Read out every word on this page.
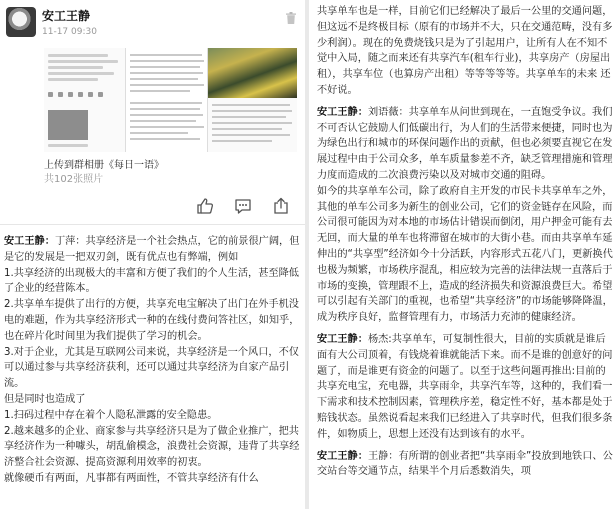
安工王静
11-17 09:30
上传到群相册《每日一语》
共102张照片

安工王静：丁萍：共享经济是一个社会热点，它的前景很广阔，但是它的发展是一把双刃剑，既有优点也有弊端，例如

1.共享经济的出现极大的丰富和方便了我们的个人生活，甚至降低了企业的经营陈本。

2.共享单车提供了出行的方便，共享充电宝解决了出门在外手机没电的难题，作为共享经济形式一种的在线付费问答社区，如知乎，也在碎片化时间里为我们提供了学习的机会。

3.对于企业，尤其是互联网公司来说，共享经济是一个风口，不仅可以通过参与共享经济获利，还可以通过共享经济为自家产品引流。

但是同时也造成了

1.扫码过程中存在着个人隐私泄露的安全隐患。

2.越来越多的企业、商家参与共享经济只是为了做企业推广，把共享经济作为一种噱头，胡乱偷模念，浪费社会资源，违背了共享经济整合社会资源、提高资源利用效率的初衷。

就像硬币有两面，凡事都有两面性，不管共享经济有什么

共享单车也是一样，目前它们已经解决了最后一公里的交通问题，但这远不是终极目标（原有的市场并不大，只在交通范畴，没有多少利润）。现在的免费烧钱只是为了引起用户，让所有人在不知不觉中入局，随之而来还有共享汽车(租车行业)，共享房产（房屋出租），共享车位（也算房产出租）等等等等等。共享单车的未来 还不好说。

安工王静：刘语薇：共享单车从问世到现在，一直饱受争议。我们不可否认它鼓励人们低碳出行，为人们的生活带来便捷，同时也为为绿色出行和城市的环保问题作出的贡献，但也必须要直视它在发展过程中由于公司众多，单车质量参差不齐，缺乏管理措施和管理力度而造成的二次浪费污染以及对城市交通的阻碍。

如今的共享单车公司，除了政府自主开发的市民卡共享单车之外，其他的单车公司多为新生的创业公司，它们的资金链存在风险，而公司很可能因为对本地的市场估计错误而倒闭，用户押金可能有去无回，而大量的单车也将滞留在城市的大街小巷。而由共享单车延伸出的“共享型”经济如今十分活跃，内容形式五花八门，更新换代也极为频繁，市场秩序混乱，相应较为完善的法律法规一直落后于市场的变换，管理跟不上，造成的经济损失和资源浪费巨大。希望可以引起有关部门的重视，也希望“共享经济”的市场能够降降温，成为秩序良好，监督管理有力，市场活力充沛的健康经济。

安工王静：杨杰:共享单车，可复制性很大，目前的实质就是谁后面有大公司顶着，有钱烧着谁就能活下来。而不是谁的创意好的问题了，而是谁更有资金的问题了。以至于这些问题再推出:目前的共享充电宝，充电器，共享雨伞，共享汽车等，这种的，我们看一下需求和技术控制因素，管理秩序差，稳定性不好，基本都是处于赔钱状态。虽然说看起来我们已经进入了共享时代，但我们很多条件，如物质上，思想上还没有达到该有的水平。

安工王静：王静：有所谓的创业者把“共享雨伞”投放到地铁口、公交站台等交通节点，结果半个月后悉数消失，项
